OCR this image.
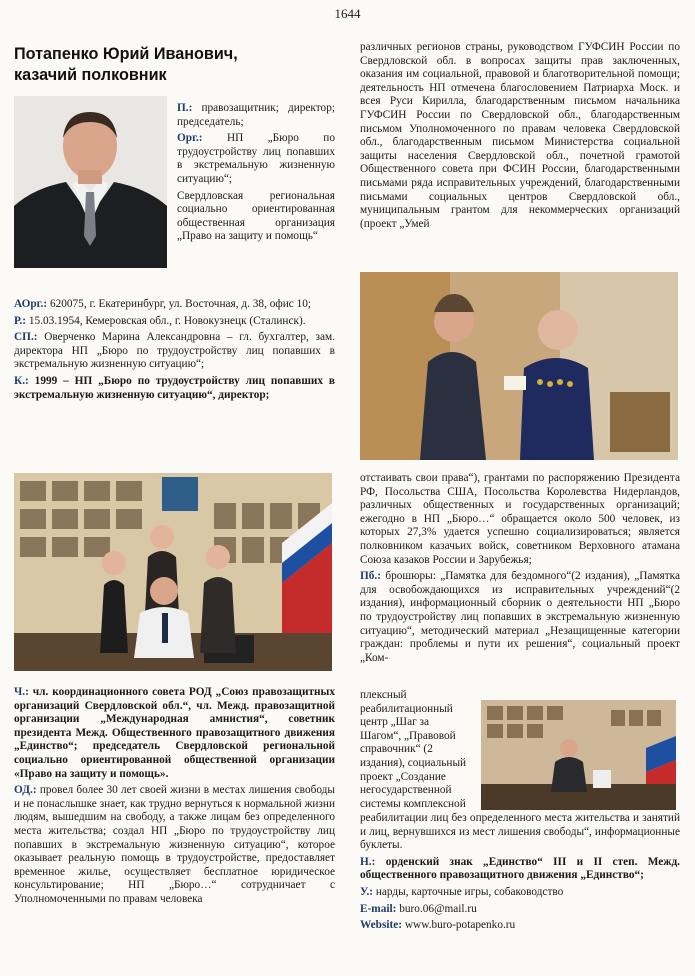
1644
Потапенко Юрий Иванович,
казачий полковник

П.: правозащитник; директор; председатель;

Орг.: НП „Бюро по трудоустройству лиц попавших в экстремальную жизненную ситуацию“;

Свердловская региональная социально ориентированная общественная организация „Право на защиту и помощь“

АОрг.: 620075, г. Екатеринбург, ул. Восточная, д. 38, офис 10;

Р.: 15.03.1954, Кемеровская обл., г. Новокузнецк (Сталинск).

СП.: Оверченко Марина Александровна – гл. бухгалтер, зам. директора НП „Бюро по трудоустройству лиц попавших в экстремальную жизненную ситуацию“;

К.: 1999 – НП „Бюро по трудоустройству лиц попавших в экстремальную жизненную ситуацию“, директор;

Ч.: чл. координационного совета РОД „Союз правозащитных организаций Свердловской обл.“, чл. Межд. правозащитной организации „Международная амнистия“, советник президента Межд. Общественного правозащитного движения „Единство“; председатель Свердловской региональной социально ориентированной общественной организации «Право на защиту и помощь».

ОД.: провел более 30 лет своей жизни в местах лишения свободы и не понаслышке знает, как трудно вернуться к нормальной жизни людям, вышедшим на свободу, а также лицам без определенного места жительства; создал НП „Бюро по трудоустройству лиц попавших в экстремальную жизненную ситуацию“, которое оказывает реальную помощь в трудоустройстве, предоставляет временное жилье, осуществляет бесплатное юридическое консультирование; НП „Бюро…“ сотрудничает с Уполномоченными по правам человека

различных регионов страны, руководством ГУФСИН России по Свердловской обл. в вопросах защиты прав заключенных, оказания им социальной, правовой и благотворительной помощи; деятельность НП отмечена благословением Патриарха Моск. и всея Руси Кирилла, благодарственным письмом начальника ГУФСИН России по Свердловской обл., благодарственным письмом Уполномоченного по правам человека Свердловской обл., благодарственным письмом Министерства социальной защиты населения Свердловской обл., почетной грамотой Общественного совета при ФСИН России, благодарственными письмами ряда исправительных учреждений, благодарственными письмами социальных центров Свердловской обл., муниципальным грантом для некоммерческих организаций (проект „Умей

отстаивать свои права“), грантами по распоряжению Президента РФ, Посольства США, Посольства Королевства Нидерландов, различных общественных и государственных организаций; ежегодно в НП „Бюро…“ обращается около 500 человек, из которых 27,3% удается успешно социализироваться; является полковником казачьих войск, советником Верховного атамана Союза казаков России и Зарубежья;

Пб.: брошюры: „Памятка для бездомного“(2 издания), „Памятка для освобождающихся из исправительных учреждений“(2 издания), информационный сборник о деятельности НП „Бюро по трудоустройству лиц попавших в экстремальную жизненную ситуацию“, методический материал „Незащищенные категории граждан: проблемы и пути их решения“, социальный проект „Ком-

плексный реабилитационный центр „Шаг за Шагом“, „Правовой справочник“ (2 издания), социальный проект „Создание негосударственной системы комплексной

реабилитации лиц без определенного места жительства и занятий и лиц, вернувшихся из мест лишения свободы“, информационные буклеты.

Н.: орденский знак „Единство“ III и II степ. Межд. общественного правозащитного движения „Единство“;

У.: нарды, карточные игры, собаководство

E-mail: buro.06@mail.ru

Website: www.buro-potapenko.ru
